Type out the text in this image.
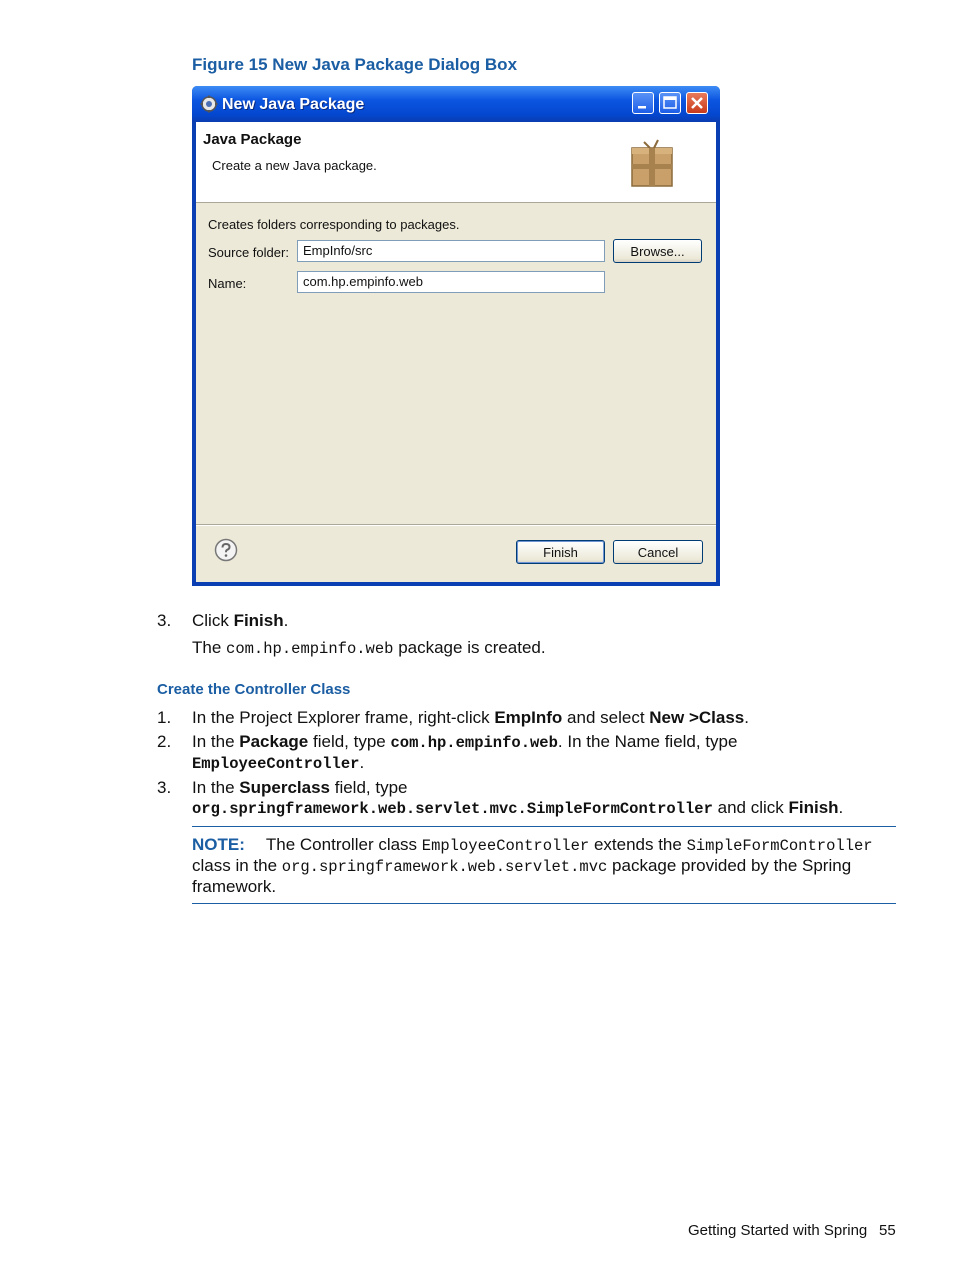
Figure 15 New Java Package Dialog Box
New Java Package
Java Package
Create a new Java package.
Creates folders corresponding to packages.
Source folder:	EmpInfo/src	Browse...
Name:	com.hp.empinfo.web
Finish	Cancel
3. Click Finish.
The com.hp.empinfo.web package is created.
Create the Controller Class
1. In the Project Explorer frame, right-click EmpInfo and select New >Class.
2. In the Package field, type com.hp.empinfo.web. In the Name field, type
EmployeeController.
3. In the Superclass field, type
org.springframework.web.servlet.mvc.SimpleFormController and click Finish.
NOTE: The Controller class EmployeeController extends the SimpleFormController
class in the org.springframework.web.servlet.mvc package provided by the Spring
framework.
Getting Started with Spring 55
